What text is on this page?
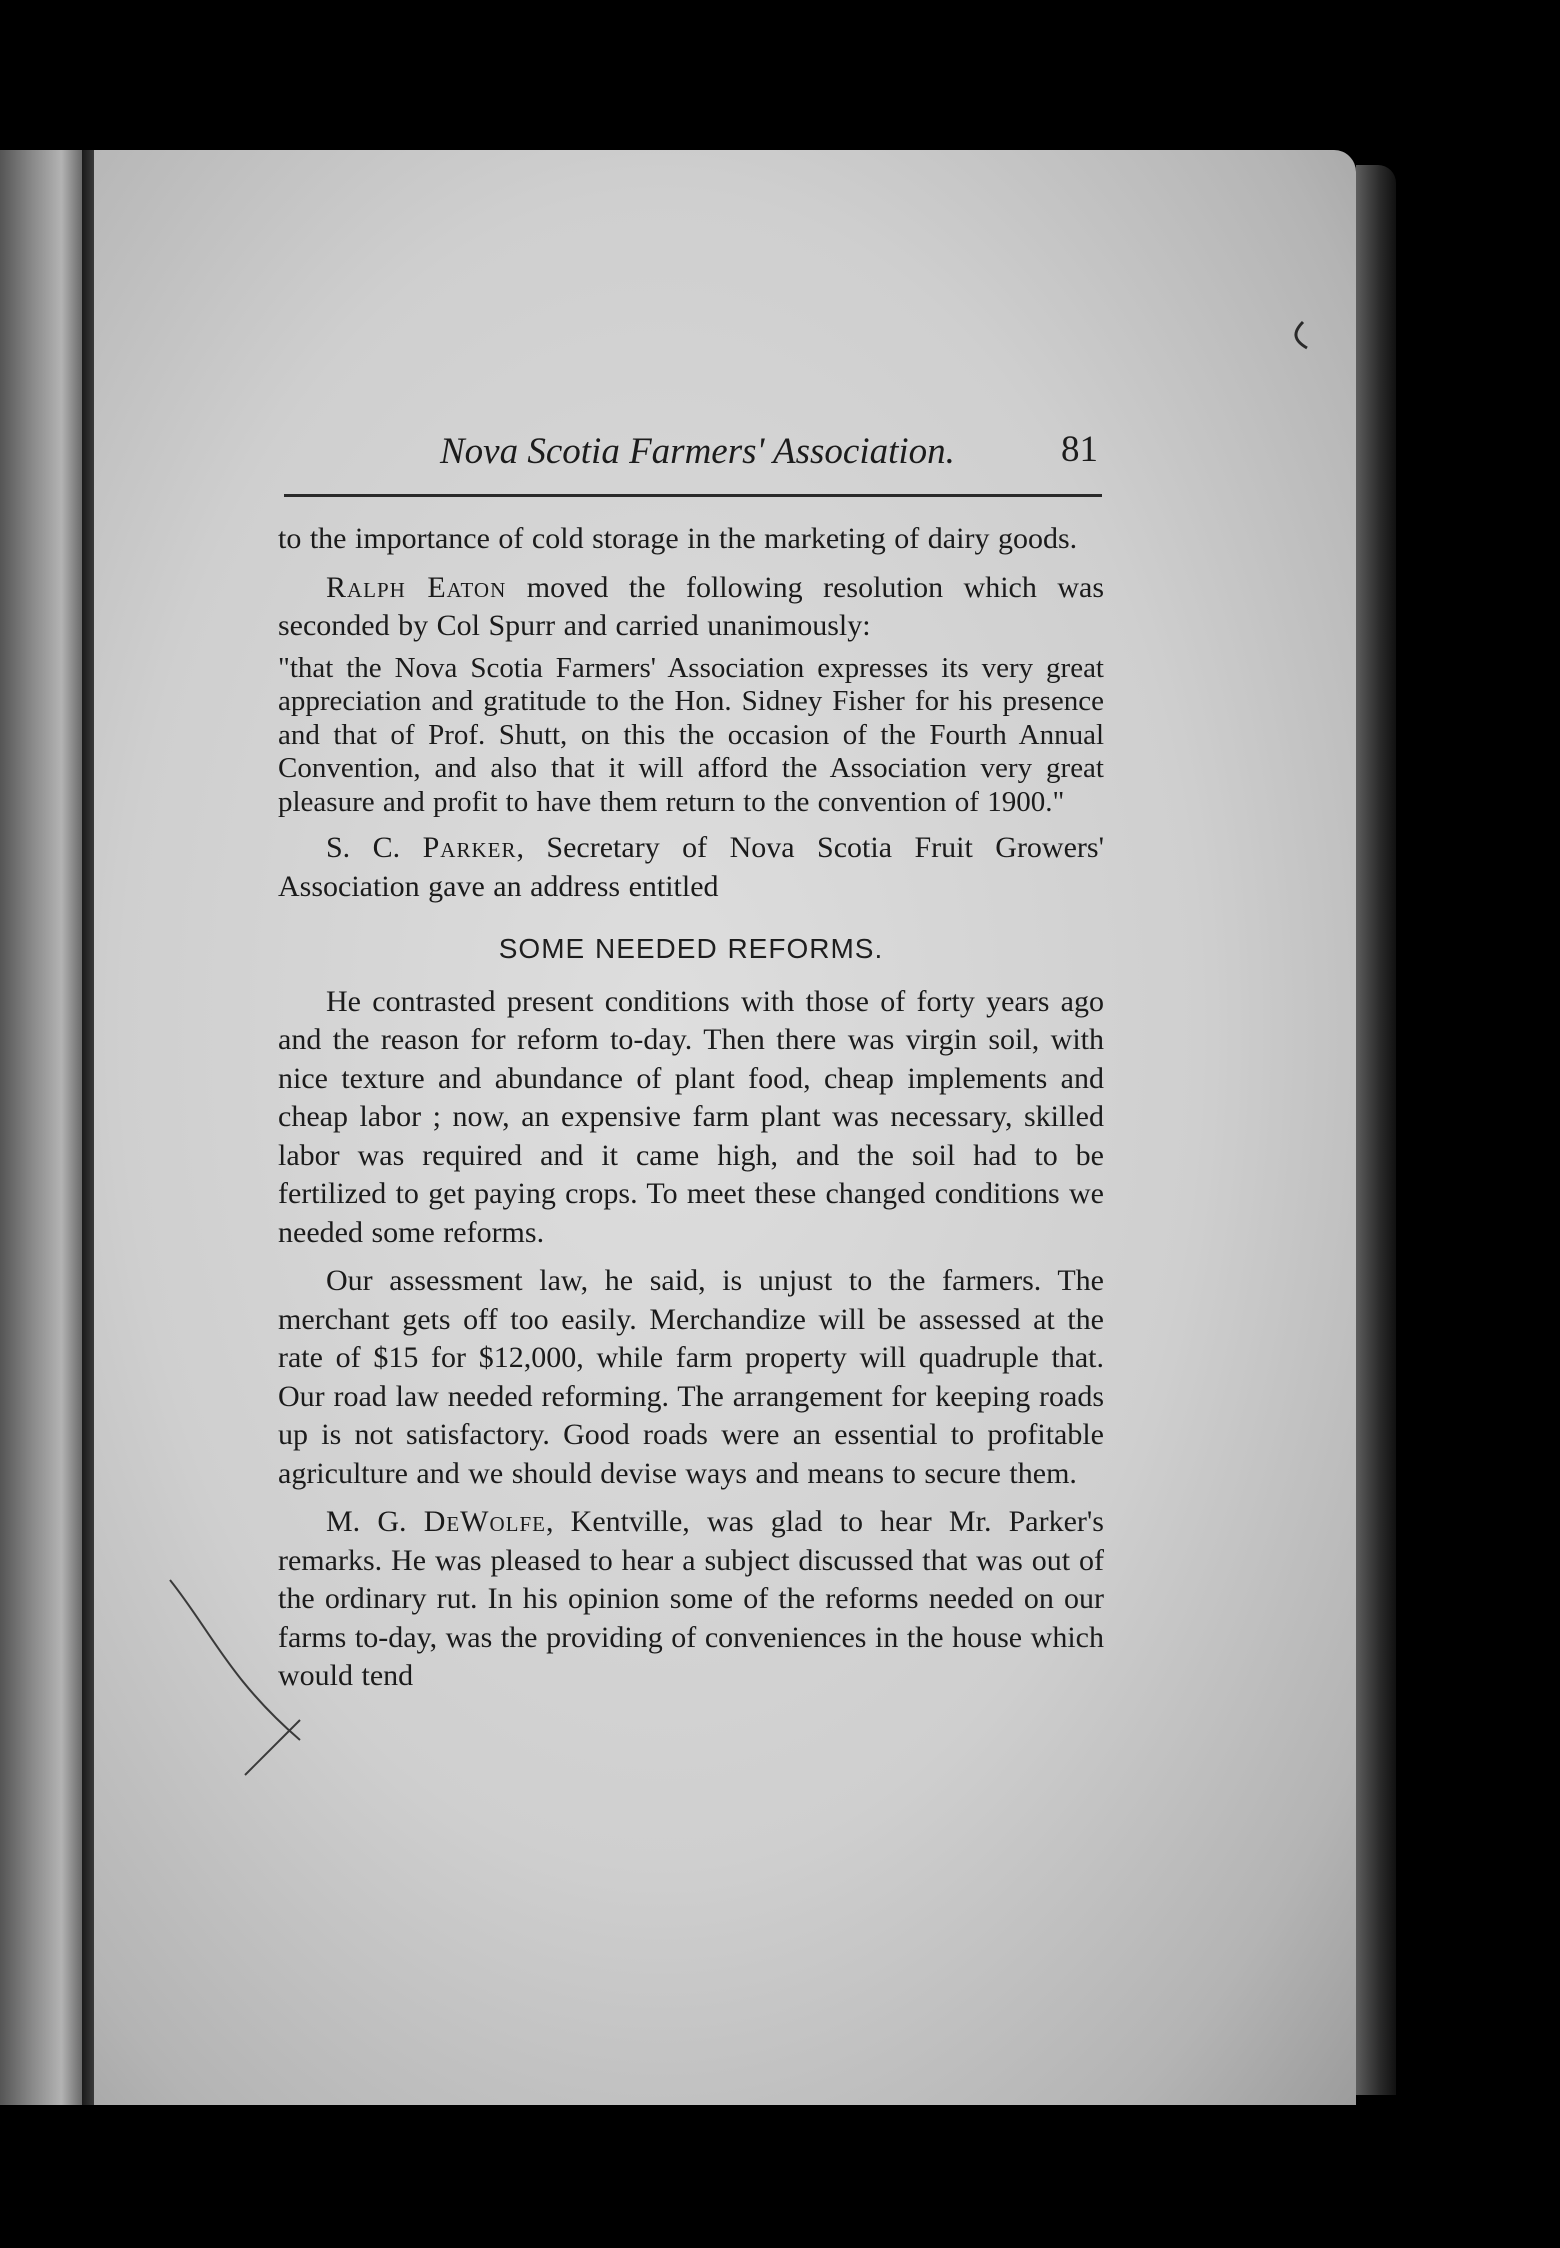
Nova Scotia Farmers' Association.	81

to the importance of cold storage in the marketing of dairy goods.

Ralph Eaton moved the following resolution which was seconded by Col Spurr and carried unanimously:

"that the Nova Scotia Farmers' Association expresses its very great appreciation and gratitude to the Hon. Sidney Fisher for his presence and that of Prof. Shutt, on this the occasion of the Fourth Annual Convention, and also that it will afford the Association very great pleasure and profit to have them return to the convention of 1900."

S. C. Parker, Secretary of Nova Scotia Fruit Growers' Association gave an address entitled

SOME NEEDED REFORMS.

He contrasted present conditions with those of forty years ago and the reason for reform to-day. Then there was virgin soil, with nice texture and abundance of plant food, cheap implements and cheap labor ; now, an expensive farm plant was necessary, skilled labor was required and it came high, and the soil had to be fertilized to get paying crops. To meet these changed conditions we needed some reforms.

Our assessment law, he said, is unjust to the farmers. The merchant gets off too easily. Merchandize will be assessed at the rate of $15 for $12,000, while farm property will quadruple that. Our road law needed reforming. The arrangement for keeping roads up is not satisfactory. Good roads were an essential to profitable agriculture and we should devise ways and means to secure them.

M. G. DeWolfe, Kentville, was glad to hear Mr. Parker's remarks. He was pleased to hear a subject discussed that was out of the ordinary rut. In his opinion some of the reforms needed on our farms to-day, was the providing of conveniences in the house which would tend
